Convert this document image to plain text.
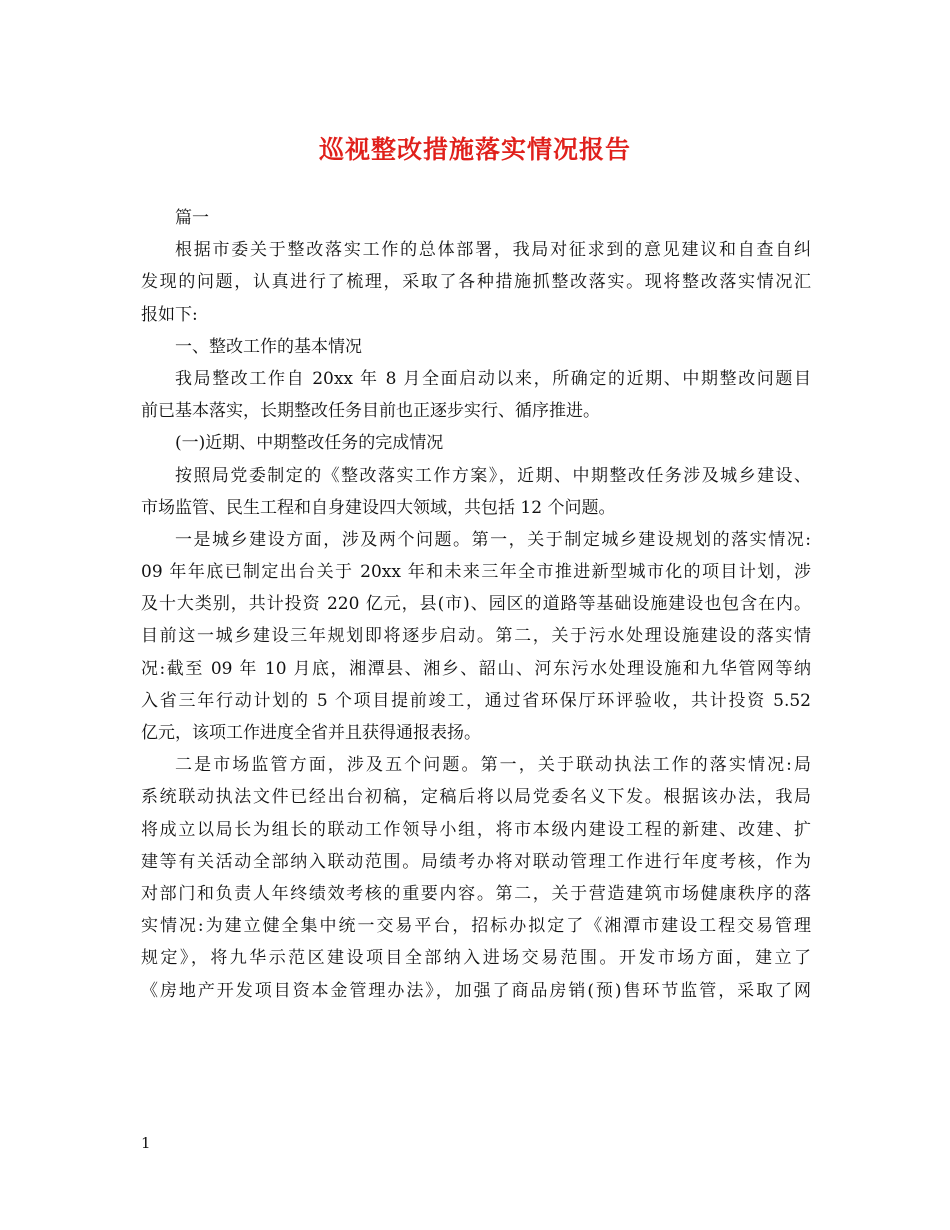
巡视整改措施落实情况报告
篇一
根据市委关于整改落实工作的总体部署，我局对征求到的意见建议和自查自纠
发现的问题，认真进行了梳理，采取了各种措施抓整改落实。现将整改落实情况汇
报如下:
一、整改工作的基本情况
我局整改工作自 20xx 年 8 月全面启动以来，所确定的近期、中期整改问题目
前已基本落实，长期整改任务目前也正逐步实行、循序推进。
(一)近期、中期整改任务的完成情况
按照局党委制定的《整改落实工作方案》，近期、中期整改任务涉及城乡建设、
市场监管、民生工程和自身建设四大领域，共包括 12 个问题。
一是城乡建设方面，涉及两个问题。第一，关于制定城乡建设规划的落实情况:
09 年年底已制定出台关于 20xx 年和未来三年全市推进新型城市化的项目计划，涉
及十大类别，共计投资 220 亿元，县(市)、园区的道路等基础设施建设也包含在内。
目前这一城乡建设三年规划即将逐步启动。第二，关于污水处理设施建设的落实情
况:截至 09 年 10 月底，湘潭县、湘乡、韶山、河东污水处理设施和九华管网等纳
入省三年行动计划的 5 个项目提前竣工，通过省环保厅环评验收，共计投资 5.52
亿元，该项工作进度全省并且获得通报表扬。
二是市场监管方面，涉及五个问题。第一，关于联动执法工作的落实情况:局
系统联动执法文件已经出台初稿，定稿后将以局党委名义下发。根据该办法，我局
将成立以局长为组长的联动工作领导小组，将市本级内建设工程的新建、改建、扩
建等有关活动全部纳入联动范围。局绩考办将对联动管理工作进行年度考核，作为
对部门和负责人年终绩效考核的重要内容。第二，关于营造建筑市场健康秩序的落
实情况:为建立健全集中统一交易平台，招标办拟定了《湘潭市建设工程交易管理
规定》，将九华示范区建设项目全部纳入进场交易范围。开发市场方面，建立了
《房地产开发项目资本金管理办法》，加强了商品房销(预)售环节监管，采取了网
1
